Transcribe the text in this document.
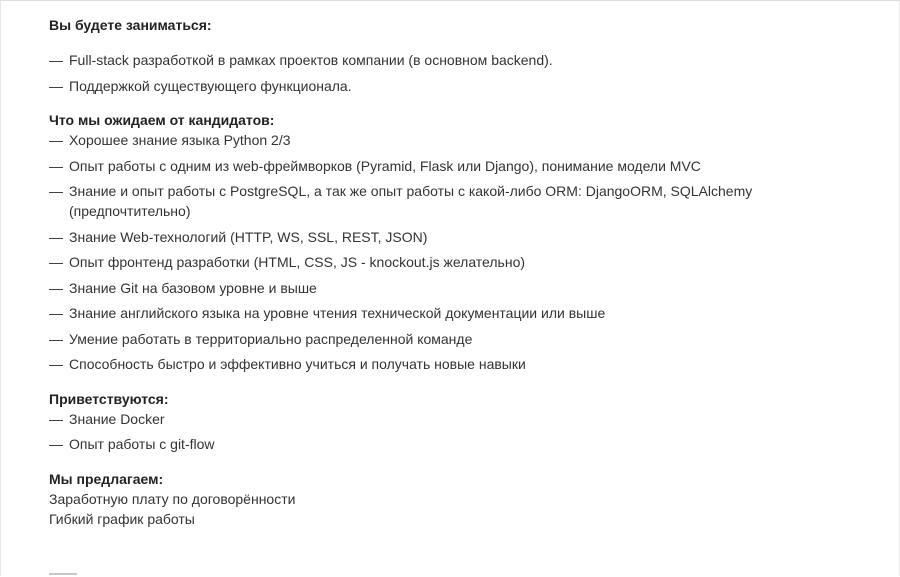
Вы будете заниматься:
— Full-stack разработкой в рамках проектов компании (в основном backend).
— Поддержкой существующего функционала.
Что мы ожидаем от кандидатов:
— Хорошее знание языка Python 2/3
— Опыт работы с одним из web-фреймворков (Pyramid, Flask или Django), понимание модели MVC
— Знание и опыт работы с PostgreSQL, а так же опыт работы с какой-либо ORM: DjangoORM, SQLAlchemy (предпочтительно)
— Знание Web-технологий (HTTP, WS, SSL, REST, JSON)
— Опыт фронтенд разработки (HTML, CSS, JS - knockout.js желательно)
— Знание Git на базовом уровне и выше
— Знание английского языка на уровне чтения технической документации или выше
— Умение работать в территориально распределенной команде
— Способность быстро и эффективно учиться и получать новые навыки
Приветствуются:
— Знание Docker
— Опыт работы с git-flow
Мы предлагаем:

Заработную плату по договорённости

Гибкий график работы
